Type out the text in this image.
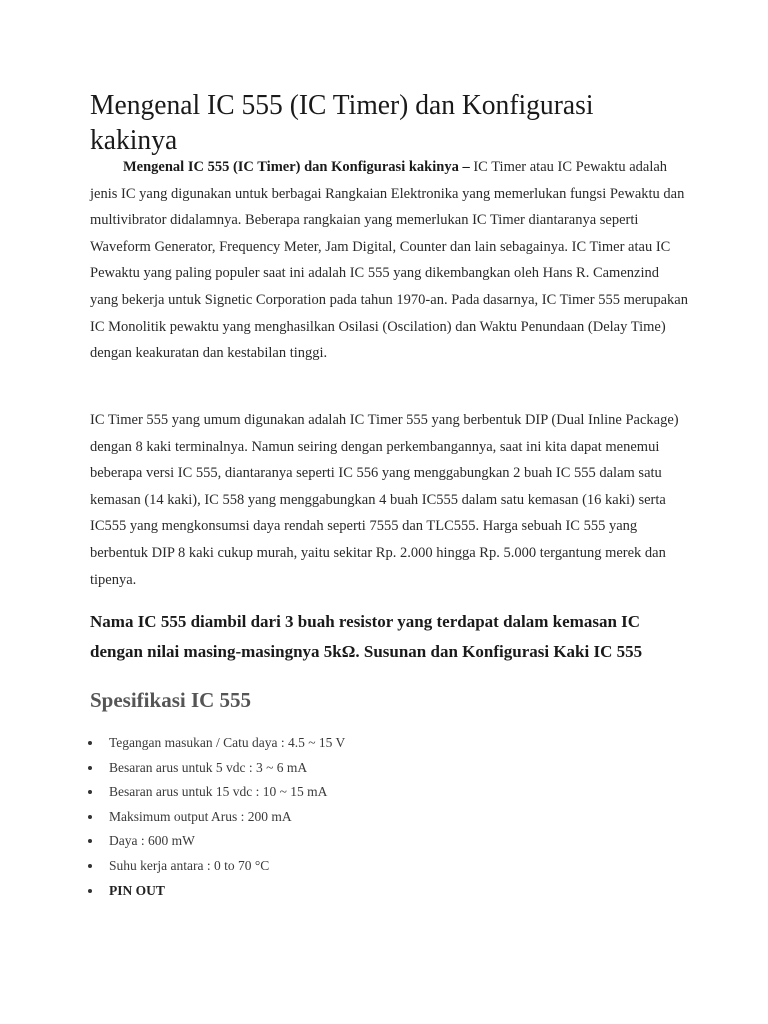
Mengenal IC 555 (IC Timer) dan Konfigurasi kakinya

Mengenal IC 555 (IC Timer) dan Konfigurasi kakinya – IC Timer atau IC Pewaktu adalah jenis IC yang digunakan untuk berbagai Rangkaian Elektronika yang memerlukan fungsi Pewaktu dan multivibrator didalamnya. Beberapa rangkaian yang memerlukan IC Timer diantaranya seperti Waveform Generator, Frequency Meter, Jam Digital, Counter dan lain sebagainya. IC Timer atau IC Pewaktu yang paling populer saat ini adalah IC 555 yang dikembangkan oleh Hans R. Camenzind yang bekerja untuk Signetic Corporation pada tahun 1970-an. Pada dasarnya, IC Timer 555 merupakan IC Monolitik pewaktu yang menghasilkan Osilasi (Oscilation) dan Waktu Penundaan (Delay Time) dengan keakuratan dan kestabilan tinggi.

IC Timer 555 yang umum digunakan adalah IC Timer 555 yang berbentuk DIP (Dual Inline Package) dengan 8 kaki terminalnya. Namun seiring dengan perkembangannya, saat ini kita dapat menemui beberapa versi IC 555, diantaranya seperti IC 556 yang menggabungkan 2 buah IC 555 dalam satu kemasan (14 kaki), IC 558 yang menggabungkan 4 buah IC555 dalam satu kemasan (16 kaki) serta IC555 yang mengkonsumsi daya rendah seperti 7555 dan TLC555. Harga sebuah IC 555 yang berbentuk DIP 8 kaki cukup murah, yaitu sekitar Rp. 2.000 hingga Rp. 5.000 tergantung merek dan tipenya.

Nama IC 555 diambil dari 3 buah resistor yang terdapat dalam kemasan IC dengan nilai masing-masingnya 5kΩ. Susunan dan Konfigurasi Kaki IC 555

Spesifikasi IC 555
Tegangan masukan / Catu daya : 4.5 ~ 15 V
Besaran arus untuk 5 vdc : 3 ~ 6 mA
Besaran arus untuk 15 vdc : 10 ~ 15 mA
Maksimum output Arus : 200 mA
Daya : 600 mW
Suhu kerja antara : 0 to 70 °C
PIN OUT
